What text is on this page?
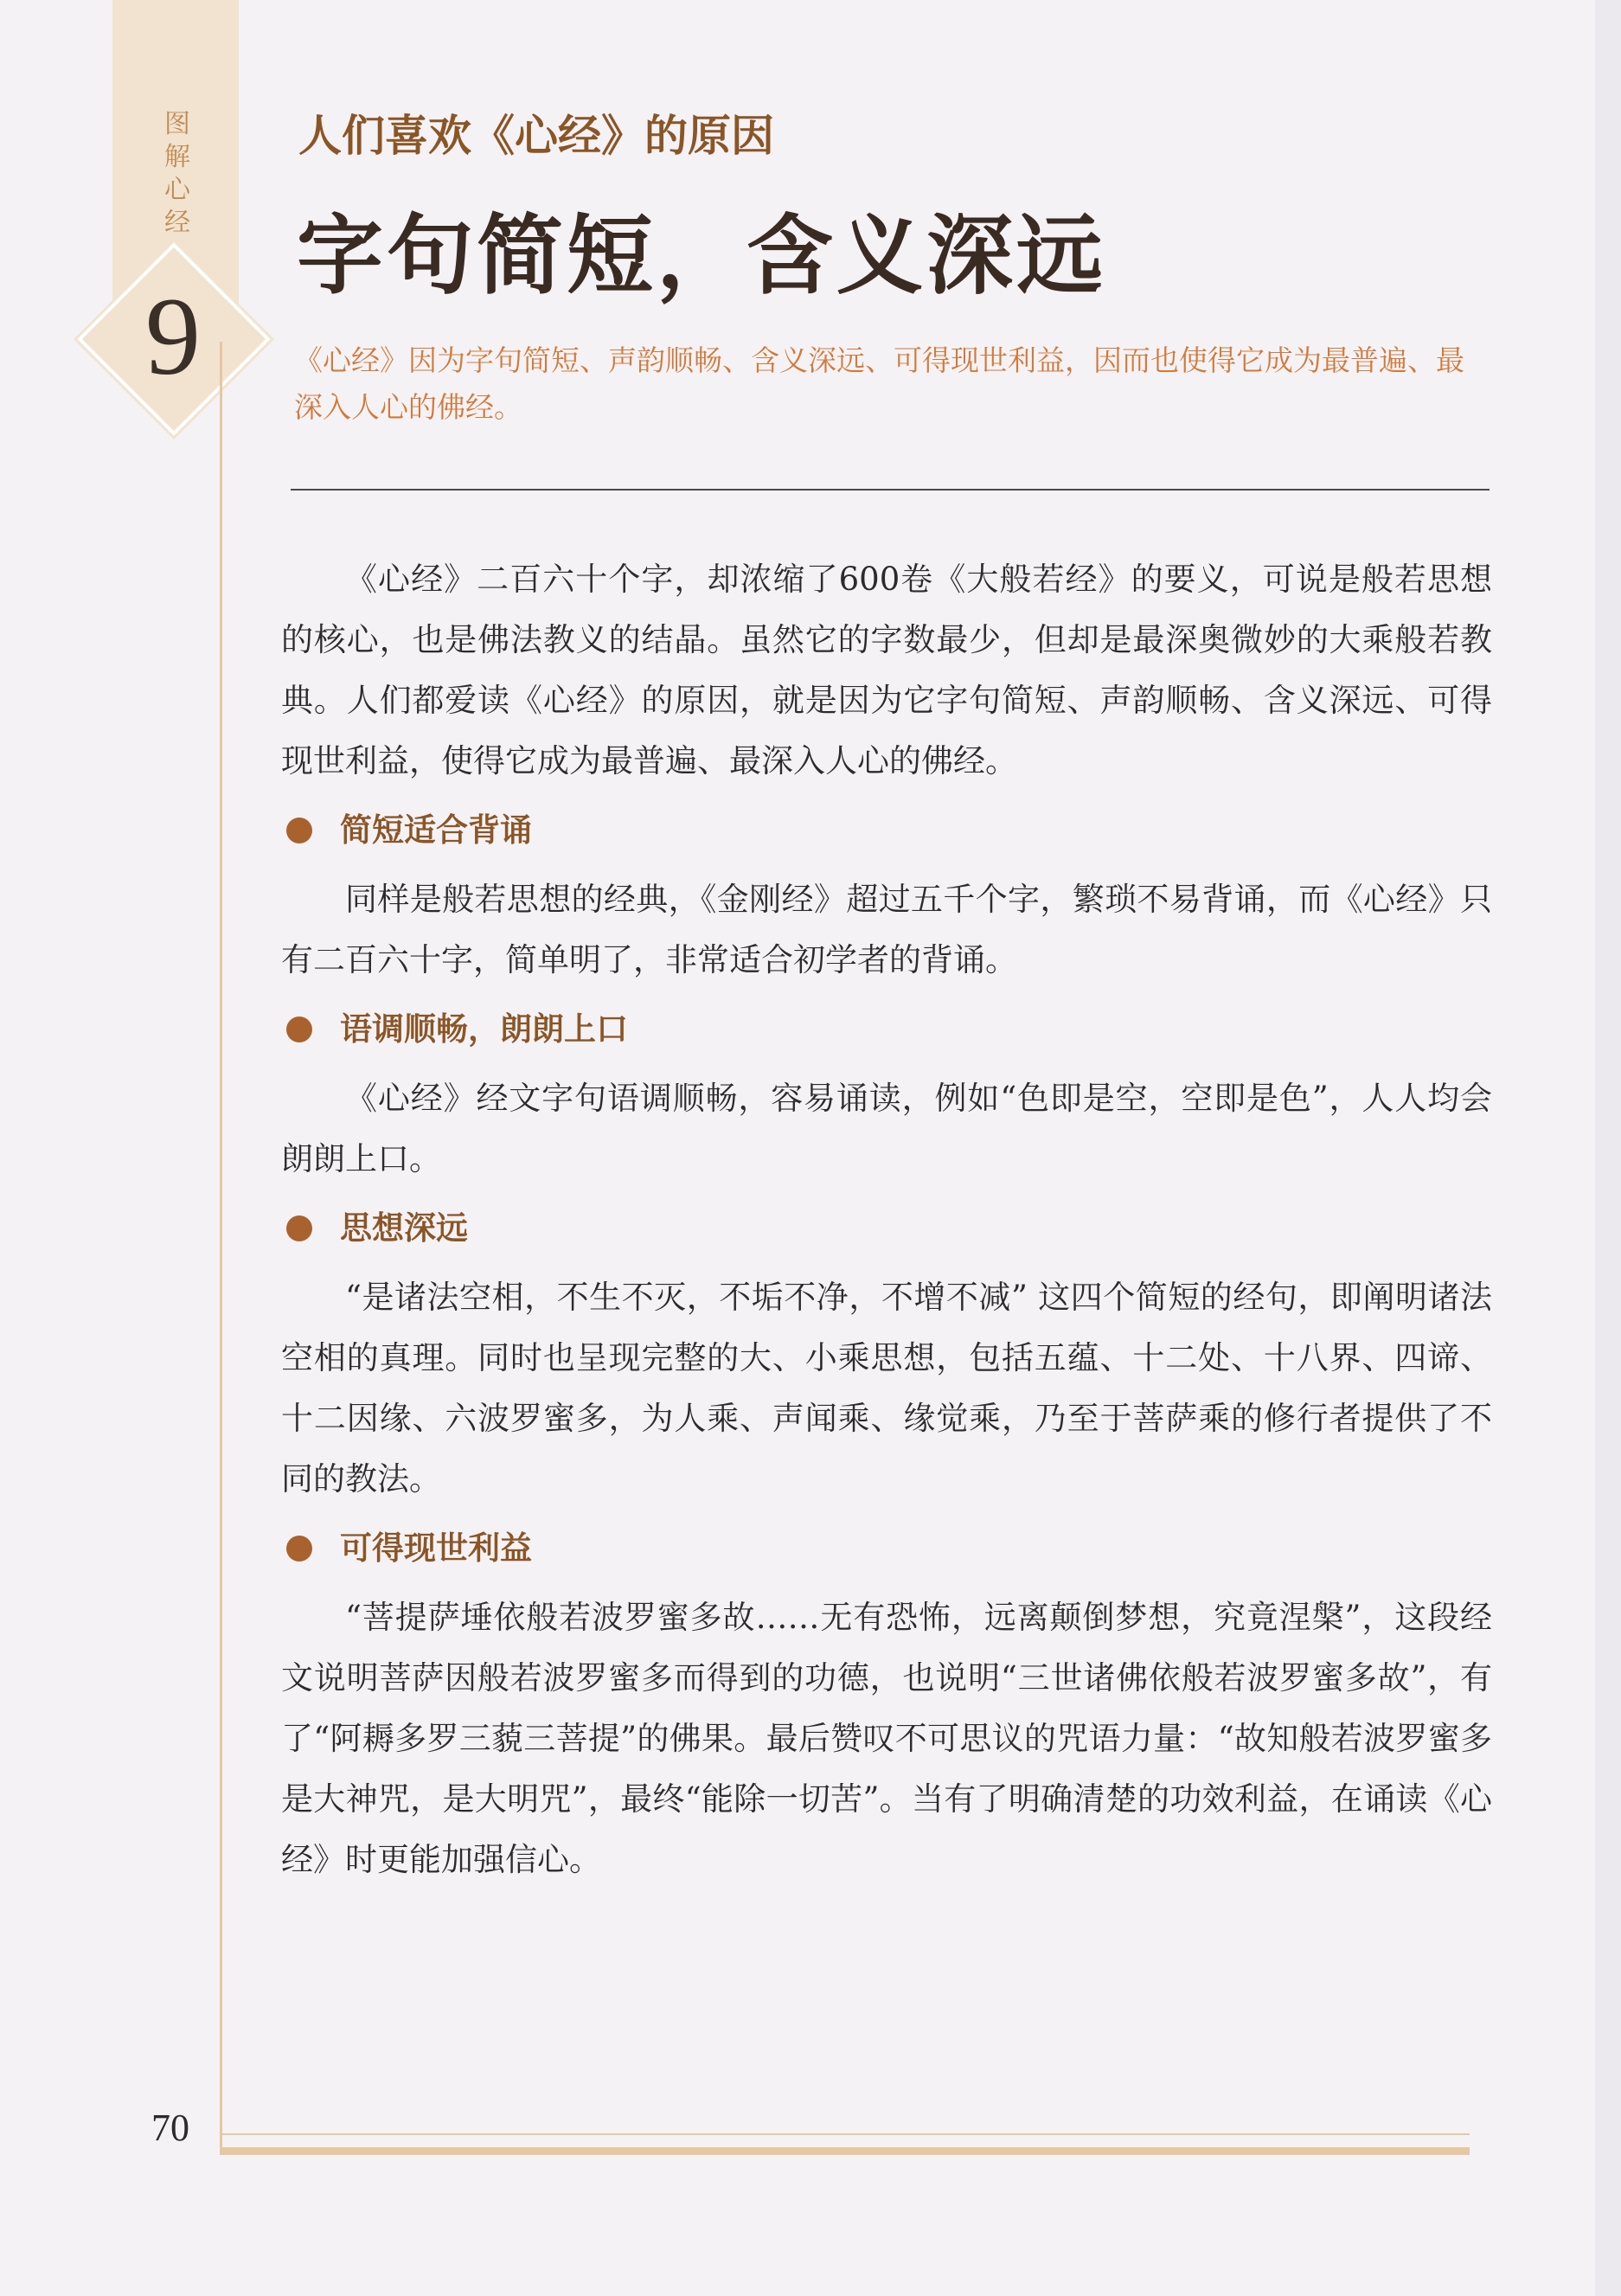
图
解
心
经
9
人们喜欢《心经》的原因
字句简短，含义深远
《心经》因为字句简短、声韵顺畅、含义深远、可得现世利益，因而也使得它成为最普遍、最深入人心的佛经。

《心经》二百六十个字，却浓缩了600卷《大般若经》的要义，可说是般若思想的核心，也是佛法教义的结晶。虽然它的字数最少，但却是最深奥微妙的大乘般若教典。人们都爱读《心经》的原因，就是因为它字句简短、声韵顺畅、含义深远、可得现世利益，使得它成为最普遍、最深入人心的佛经。

简短适合背诵

同样是般若思想的经典，《金刚经》超过五千个字，繁琐不易背诵，而《心经》只有二百六十字，简单明了，非常适合初学者的背诵。

语调顺畅，朗朗上口

《心经》经文字句语调顺畅，容易诵读，例如“色即是空，空即是色”，人人均会朗朗上口。

思想深远

“是诸法空相，不生不灭，不垢不净，不增不减” 这四个简短的经句，即阐明诸法空相的真理。同时也呈现完整的大、小乘思想，包括五蕴、十二处、十八界、四谛、十二因缘、六波罗蜜多，为人乘、声闻乘、缘觉乘，乃至于菩萨乘的修行者提供了不同的教法。

可得现世利益

“菩提萨埵依般若波罗蜜多故……无有恐怖，远离颠倒梦想，究竟涅槃”，这段经文说明菩萨因般若波罗蜜多而得到的功德，也说明“三世诸佛依般若波罗蜜多故”，有了“阿耨多罗三藐三菩提”的佛果。最后赞叹不可思议的咒语力量：“故知般若波罗蜜多是大神咒，是大明咒”，最终“能除一切苦”。当有了明确清楚的功效利益，在诵读《心经》时更能加强信心。

70
